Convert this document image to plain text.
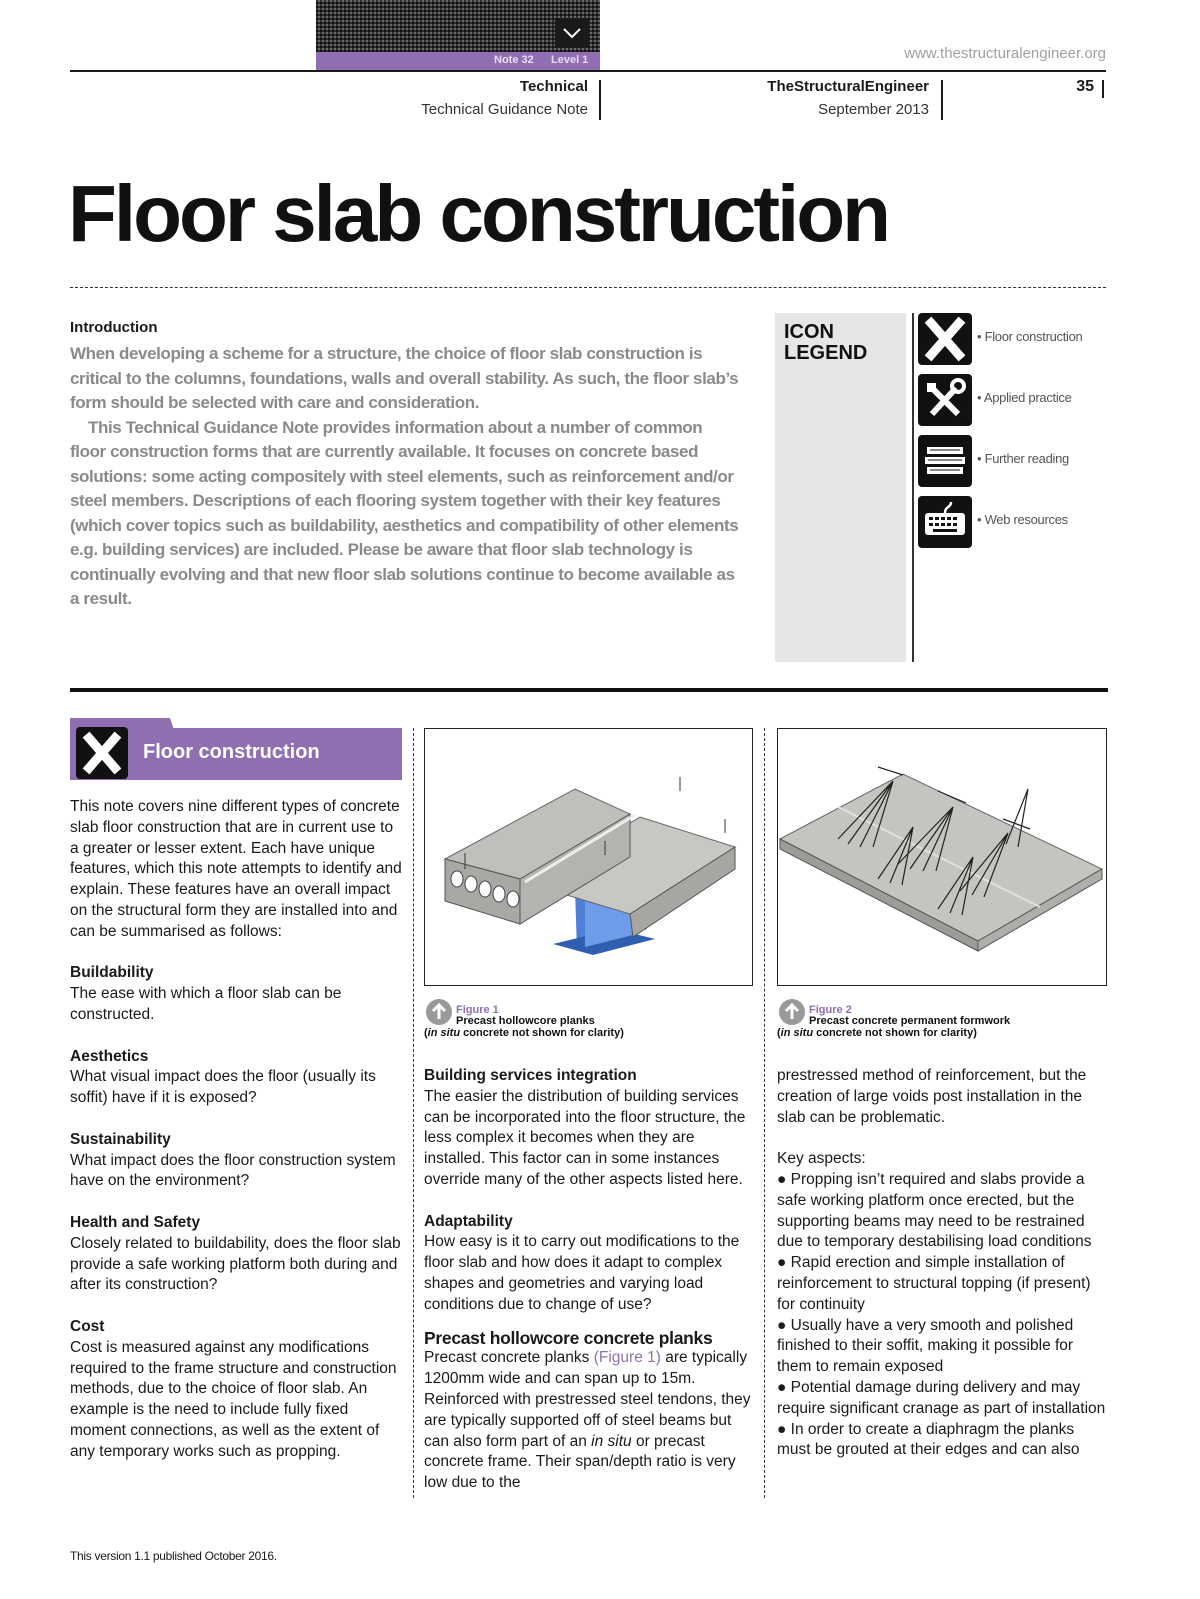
Note 32 Level 1	www.thestructuralengineer.org
Technical
Technical Guidance Note
TheStructuralEngineer
September 2013
35
Floor slab construction
Introduction

When developing a scheme for a structure, the choice of floor slab construction is critical to the columns, foundations, walls and overall stability. As such, the floor slab’s form should be selected with care and consideration.

This Technical Guidance Note provides information about a number of common floor construction forms that are currently available. It focuses on concrete based solutions: some acting compositely with steel elements, such as reinforcement and/or steel members. Descriptions of each flooring system together with their key features (which cover topics such as buildability, aesthetics and compatibility of other elements e.g. building services) are included. Please be aware that floor slab technology is continually evolving and that new floor slab solutions continue to become available as a result.

ICON
LEGEND
• Floor construction
• Applied practice
• Further reading
• Web resources
Floor construction
This note covers nine different types of concrete slab floor construction that are in current use to a greater or lesser extent. Each have unique features, which this note attempts to identify and explain. These features have an overall impact on the structural form they are installed into and can be summarised as follows:
Buildability
The ease with which a floor slab can be constructed.
Aesthetics
What visual impact does the floor (usually its soffit) have if it is exposed?
Sustainability
What impact does the floor construction system have on the environment?
Health and Safety
Closely related to buildability, does the floor slab provide a safe working platform both during and after its construction?
Cost
Cost is measured against any modifications required to the frame structure and construction methods, due to the choice of floor slab. An example is the need to include fully fixed moment connections, as well as the extent of any temporary works such as propping.
Figure 1
Precast hollowcore planks
(in situ concrete not shown for clarity)
Figure 2
Precast concrete permanent formwork
(in situ concrete not shown for clarity)
Building services integration
The easier the distribution of building services can be incorporated into the floor structure, the less complex it becomes when they are installed. This factor can in some instances override many of the other aspects listed here.
Adaptability
How easy is it to carry out modifications to the floor slab and how does it adapt to complex shapes and geometries and varying load conditions due to change of use?
Precast hollowcore concrete planks
Precast concrete planks (Figure 1) are typically 1200mm wide and can span up to 15m. Reinforced with prestressed steel tendons, they are typically supported off of steel beams but can also form part of an in situ or precast concrete frame. Their span/depth ratio is very low due to the
prestressed method of reinforcement, but the creation of large voids post installation in the slab can be problematic.
Key aspects:
● Propping isn’t required and slabs provide a safe working platform once erected, but the supporting beams may need to be restrained due to temporary destabilising load conditions
● Rapid erection and simple installation of reinforcement to structural topping (if present) for continuity
● Usually have a very smooth and polished finished to their soffit, making it possible for them to remain exposed
● Potential damage during delivery and may require significant cranage as part of installation
● In order to create a diaphragm the planks must be grouted at their edges and can also
This version 1.1 published October 2016.
